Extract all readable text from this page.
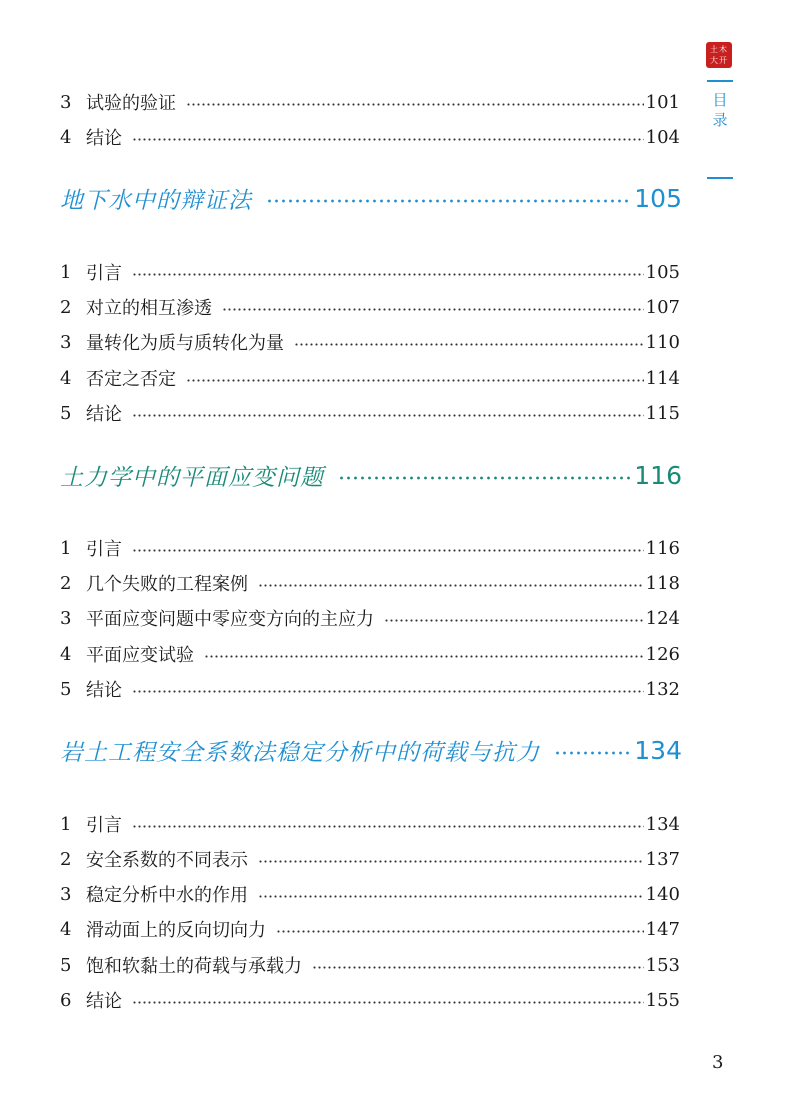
土木大开
目
录
3 试验的验证	101
4 结论	104
地下水中的辩证法	105
1 引言	105
2 对立的相互渗透	107
3 量转化为质与质转化为量	110
4 否定之否定	114
5 结论	115
土力学中的平面应变问题	116
1 引言	116
2 几个失败的工程案例	118
3 平面应变问题中零应变方向的主应力	124
4 平面应变试验	126
5 结论	132
岩土工程安全系数法稳定分析中的荷载与抗力	134
1 引言	134
2 安全系数的不同表示	137
3 稳定分析中水的作用	140
4 滑动面上的反向切向力	147
5 饱和软黏土的荷载与承载力	153
6 结论	155
3
